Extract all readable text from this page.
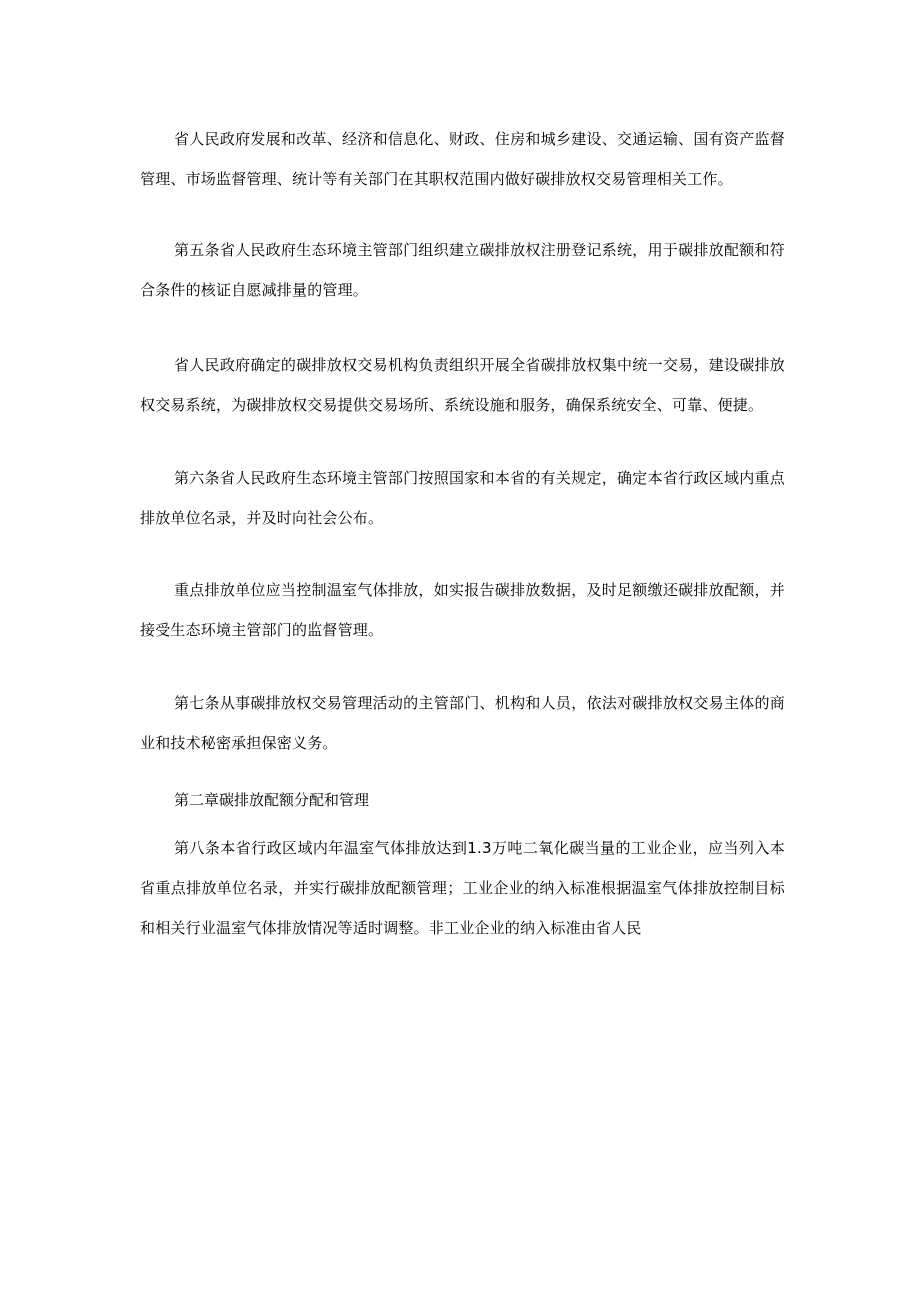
省人民政府发展和改革、经济和信息化、财政、住房和城乡建设、交通运输、国有资产监督管理、市场监督管理、统计等有关部门在其职权范围内做好碳排放权交易管理相关工作。

第五条省人民政府生态环境主管部门组织建立碳排放权注册登记系统，用于碳排放配额和符合条件的核证自愿减排量的管理。

省人民政府确定的碳排放权交易机构负责组织开展全省碳排放权集中统一交易，建设碳排放权交易系统，为碳排放权交易提供交易场所、系统设施和服务，确保系统安全、可靠、便捷。

第六条省人民政府生态环境主管部门按照国家和本省的有关规定，确定本省行政区域内重点排放单位名录，并及时向社会公布。

重点排放单位应当控制温室气体排放，如实报告碳排放数据，及时足额缴还碳排放配额，并接受生态环境主管部门的监督管理。

第七条从事碳排放权交易管理活动的主管部门、机构和人员，依法对碳排放权交易主体的商业和技术秘密承担保密义务。

第二章碳排放配额分配和管理

第八条本省行政区域内年温室气体排放达到1.3万吨二氧化碳当量的工业企业，应当列入本省重点排放单位名录，并实行碳排放配额管理；工业企业的纳入标准根据温室气体排放控制目标和相关行业温室气体排放情况等适时调整。非工业企业的纳入标准由省人民
